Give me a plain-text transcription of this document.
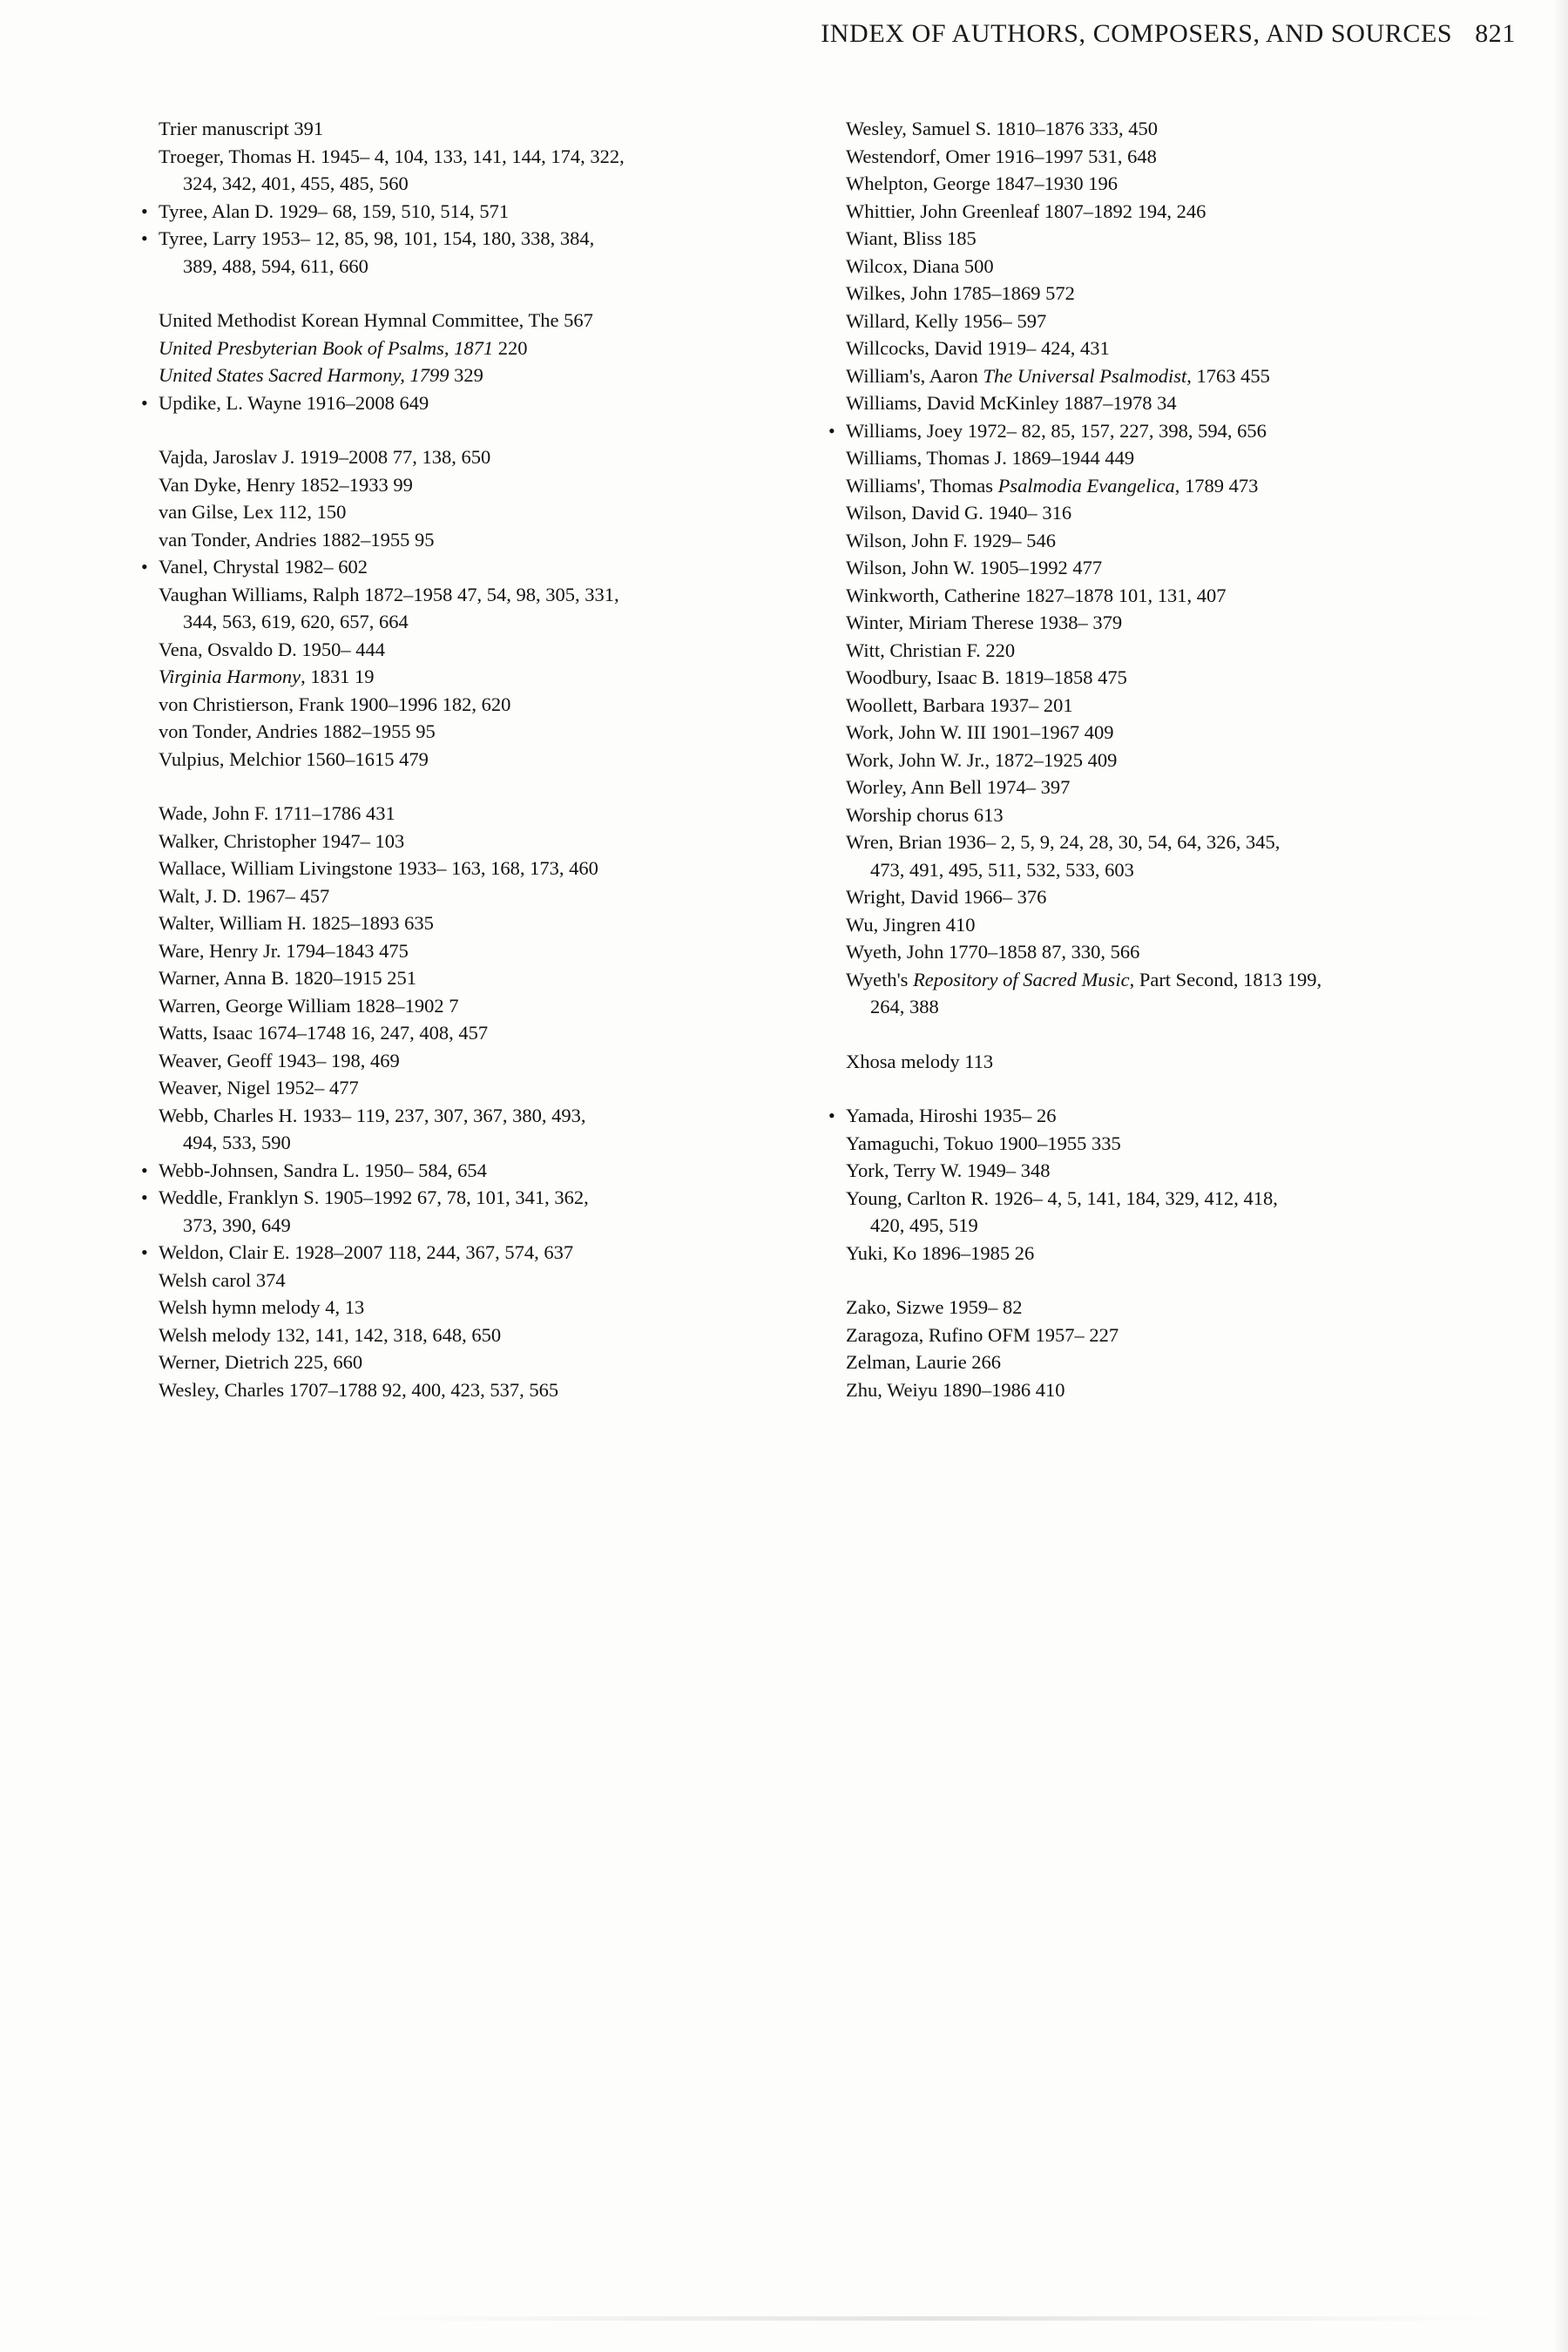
INDEX OF AUTHORS, COMPOSERS, AND SOURCES 821
Trier manuscript 391
Troeger, Thomas H. 1945– 4, 104, 133, 141, 144, 174, 322,
324, 342, 401, 455, 485, 560
• Tyree, Alan D. 1929– 68, 159, 510, 514, 571
• Tyree, Larry 1953– 12, 85, 98, 101, 154, 180, 338, 384,
389, 488, 594, 611, 660
United Methodist Korean Hymnal Committee, The 567
United Presbyterian Book of Psalms, 1871 220
United States Sacred Harmony, 1799 329
• Updike, L. Wayne 1916–2008 649
Vajda, Jaroslav J. 1919–2008 77, 138, 650
Van Dyke, Henry 1852–1933 99
van Gilse, Lex 112, 150
van Tonder, Andries 1882–1955 95
• Vanel, Chrystal 1982– 602
Vaughan Williams, Ralph 1872–1958 47, 54, 98, 305, 331,
344, 563, 619, 620, 657, 664
Vena, Osvaldo D. 1950– 444
Virginia Harmony, 1831 19
von Christierson, Frank 1900–1996 182, 620
von Tonder, Andries 1882–1955 95
Vulpius, Melchior 1560–1615 479
Wade, John F. 1711–1786 431
Walker, Christopher 1947– 103
Wallace, William Livingstone 1933– 163, 168, 173, 460
Walt, J. D. 1967– 457
Walter, William H. 1825–1893 635
Ware, Henry Jr. 1794–1843 475
Warner, Anna B. 1820–1915 251
Warren, George William 1828–1902 7
Watts, Isaac 1674–1748 16, 247, 408, 457
Weaver, Geoff 1943– 198, 469
Weaver, Nigel 1952– 477
Webb, Charles H. 1933– 119, 237, 307, 367, 380, 493,
494, 533, 590
• Webb-Johnsen, Sandra L. 1950– 584, 654
• Weddle, Franklyn S. 1905–1992 67, 78, 101, 341, 362,
373, 390, 649
• Weldon, Clair E. 1928–2007 118, 244, 367, 574, 637
Welsh carol 374
Welsh hymn melody 4, 13
Welsh melody 132, 141, 142, 318, 648, 650
Werner, Dietrich 225, 660
Wesley, Charles 1707–1788 92, 400, 423, 537, 565
Wesley, Samuel S. 1810–1876 333, 450
Westendorf, Omer 1916–1997 531, 648
Whelpton, George 1847–1930 196
Whittier, John Greenleaf 1807–1892 194, 246
Wiant, Bliss 185
Wilcox, Diana 500
Wilkes, John 1785–1869 572
Willard, Kelly 1956– 597
Willcocks, David 1919– 424, 431
William's, Aaron The Universal Psalmodist, 1763 455
Williams, David McKinley 1887–1978 34
• Williams, Joey 1972– 82, 85, 157, 227, 398, 594, 656
Williams, Thomas J. 1869–1944 449
Williams', Thomas Psalmodia Evangelica, 1789 473
Wilson, David G. 1940– 316
Wilson, John F. 1929– 546
Wilson, John W. 1905–1992 477
Winkworth, Catherine 1827–1878 101, 131, 407
Winter, Miriam Therese 1938– 379
Witt, Christian F. 220
Woodbury, Isaac B. 1819–1858 475
Woollett, Barbara 1937– 201
Work, John W. III 1901–1967 409
Work, John W. Jr., 1872–1925 409
Worley, Ann Bell 1974– 397
Worship chorus 613
Wren, Brian 1936– 2, 5, 9, 24, 28, 30, 54, 64, 326, 345,
473, 491, 495, 511, 532, 533, 603
Wright, David 1966– 376
Wu, Jingren 410
Wyeth, John 1770–1858 87, 330, 566
Wyeth's Repository of Sacred Music, Part Second, 1813 199,
264, 388
Xhosa melody 113
• Yamada, Hiroshi 1935– 26
Yamaguchi, Tokuo 1900–1955 335
York, Terry W. 1949– 348
Young, Carlton R. 1926– 4, 5, 141, 184, 329, 412, 418,
420, 495, 519
Yuki, Ko 1896–1985 26
Zako, Sizwe 1959– 82
Zaragoza, Rufino OFM 1957– 227
Zelman, Laurie 266
Zhu, Weiyu 1890–1986 410
